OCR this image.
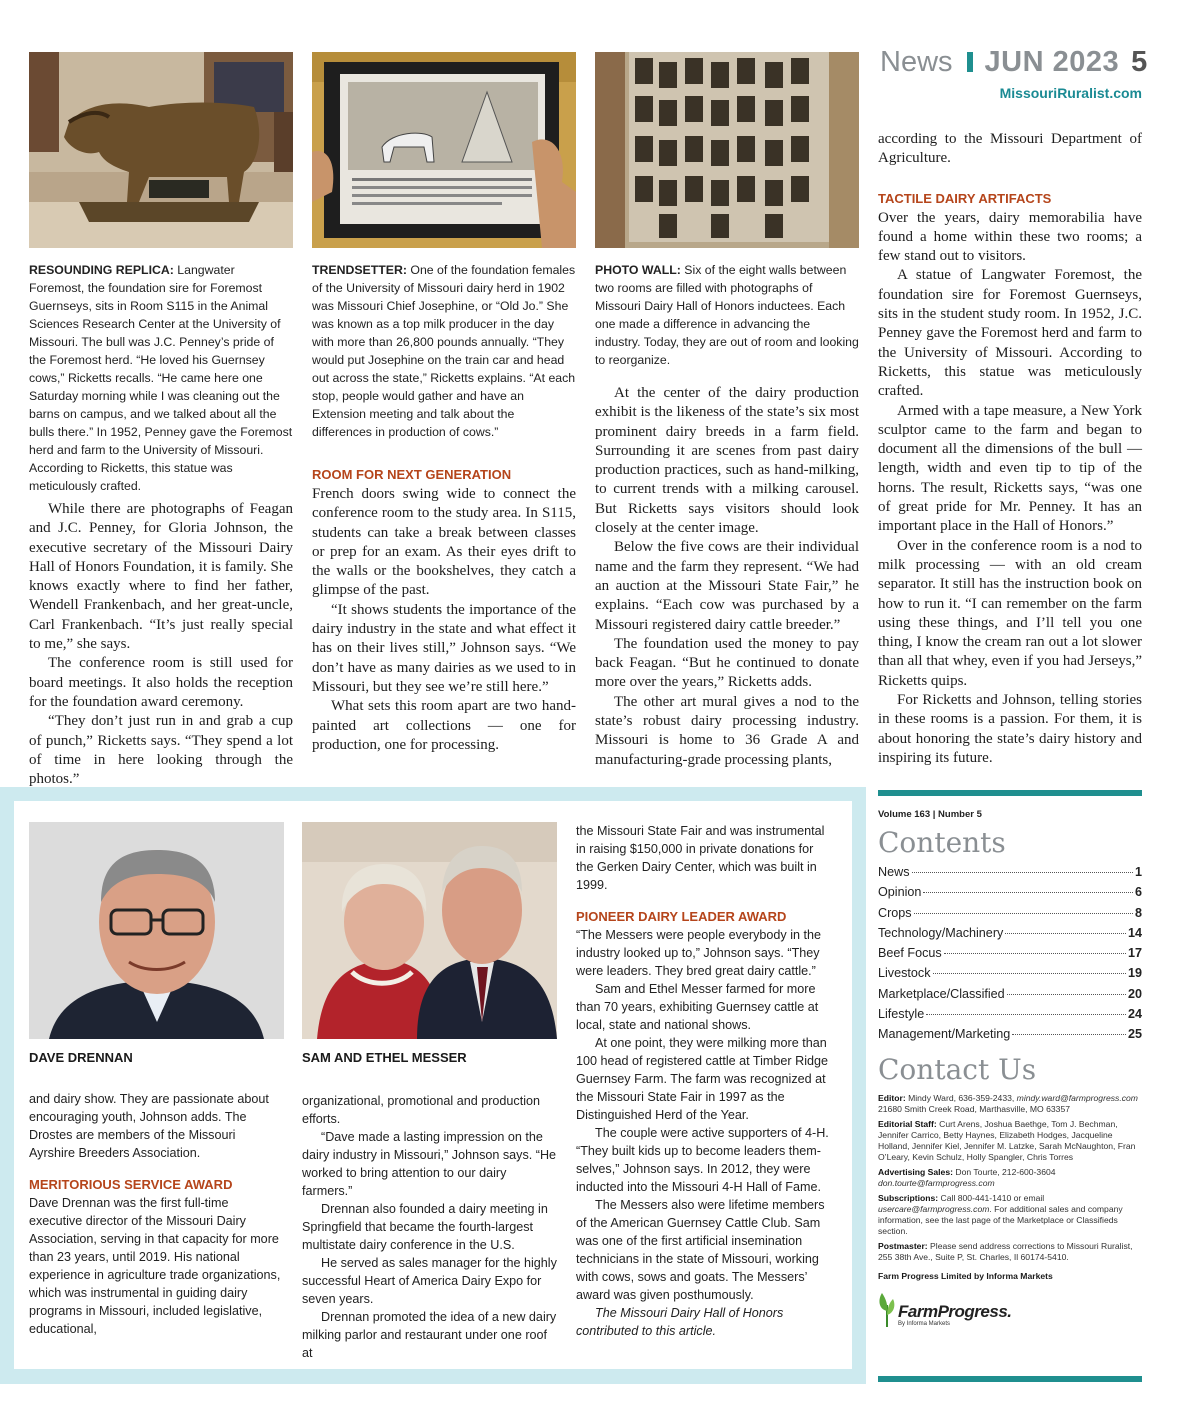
News JUN 2023 5
MissouriRuralist.com
RESOUNDING REPLICA: Langwater Foremost, the foundation sire for Foremost Guernseys, sits in Room S115 in the Animal Sciences Research Center at the University of Missouri. The bull was J.C. Penney’s pride of the Foremost herd. “He loved his Guernsey cows,” Ricketts recalls. “He came here one Saturday morning while I was cleaning out the barns on campus, and we talked about all the bulls there.” In 1952, Penney gave the Foremost herd and farm to the University of Missouri. According to Ricketts, this statue was meticulously crafted.
TRENDSETTER: One of the foundation females of the University of Missouri dairy herd in 1902 was Missouri Chief Josephine, or “Old Jo.” She was known as a top milk producer in the day with more than 26,800 pounds annually. “They would put Josephine on the train car and head out across the state,” Ricketts explains. “At each stop, people would gather and have an Extension meeting and talk about the differences in production of cows.”
PHOTO WALL: Six of the eight walls between two rooms are filled with photographs of Missouri Dairy Hall of Honors inductees. Each one made a difference in advancing the industry. Today, they are out of room and looking to reorganize.

While there are photographs of Feagan and J.C. Penney, for Gloria Johnson, the executive secretary of the Missouri Dairy Hall of Honors Foundation, it is family. She knows exactly where to find her father, Wendell Frankenbach, and her great-uncle, Carl Frankenbach. “It’s just really special to me,” she says.

The conference room is still used for board meetings. It also holds the reception for the foundation award ceremony.

“They don’t just run in and grab a cup of punch,” Ricketts says. “They spend a lot of time in here looking through the photos.”

ROOM FOR NEXT GENERATION

French doors swing wide to connect the conference room to the study area. In S115, students can take a break between classes or prep for an exam. As their eyes drift to the walls or the bookshelves, they catch a glimpse of the past.

“It shows students the importance of the dairy industry in the state and what effect it has on their lives still,” Johnson says. “We don’t have as many dairies as we used to in Missouri, but they see we’re still here.”

What sets this room apart are two hand-painted art collections — one for production, one for processing.

At the center of the dairy production exhibit is the likeness of the state’s six most prominent dairy breeds in a farm field. Surrounding it are scenes from past dairy production practices, such as hand-milking, to current trends with a milking carousel. But Ricketts says visitors should look closely at the center image.

Below the five cows are their individual name and the farm they represent. “We had an auction at the Missouri State Fair,” he explains. “Each cow was purchased by a Missouri registered dairy cattle breeder.”

The foundation used the money to pay back Feagan. “But he continued to donate more over the years,” Ricketts adds.

The other art mural gives a nod to the state’s robust dairy processing industry. Missouri is home to 36 Grade A and manufacturing-grade processing plants,

according to the Missouri Department of Agriculture.

TACTILE DAIRY ARTIFACTS

Over the years, dairy memorabilia have found a home within these two rooms; a few stand out to visitors.

A statue of Langwater Foremost, the foundation sire for Foremost Guernseys, sits in the student study room. In 1952, J.C. Penney gave the Foremost herd and farm to the University of Missouri. According to Ricketts, this statue was meticulously crafted.

Armed with a tape measure, a New York sculptor came to the farm and began to document all the dimensions of the bull — length, width and even tip to tip of the horns. The result, Ricketts says, “was one of great pride for Mr. Penney. It has an important place in the Hall of Honors.”

Over in the conference room is a nod to milk processing — with an old cream separator. It still has the instruction book on how to run it. “I can remember on the farm using these things, and I’ll tell you one thing, I know the cream ran out a lot slower than all that whey, even if you had Jerseys,” Ricketts quips.

For Ricketts and Johnson, telling stories in these rooms is a passion. For them, it is about honoring the state’s dairy history and inspiring its future.

DAVE DRENNAN	SAM AND ETHEL MESSER

and dairy show. They are passionate about encouraging youth, Johnson adds. The Drostes are members of the Missouri Ayrshire Breeders Association.

MERITORIOUS SERVICE AWARD

Dave Drennan was the first full-time executive director of the Missouri Dairy Association, serving in that capacity for more than 23 years, until 2019. His national experience in agriculture trade organizations, which was instrumental in guiding dairy programs in Missouri, included legislative, educational,

organizational, promotional and production efforts.

“Dave made a lasting impression on the dairy industry in Missouri,” Johnson says. “He worked to bring attention to our dairy farmers.”

Drennan also founded a dairy meeting in Springfield that became the fourth-largest multistate dairy conference in the U.S.

He served as sales manager for the highly successful Heart of America Dairy Expo for seven years.

Drennan promoted the idea of a new dairy milking parlor and restaurant under one roof at

the Missouri State Fair and was instrumental in raising $150,000 in private donations for the Gerken Dairy Center, which was built in 1999.

PIONEER DAIRY LEADER AWARD

“The Messers were people everybody in the industry looked up to,” Johnson says. “They were leaders. They bred great dairy cattle.”

Sam and Ethel Messer farmed for more than 70 years, exhibiting Guernsey cattle at local, state and national shows.

At one point, they were milking more than 100 head of registered cattle at Timber Ridge Guernsey Farm. The farm was recognized at the Missouri State Fair in 1997 as the Distinguished Herd of the Year.

The couple were active supporters of 4-H. “They built kids up to become leaders them-selves,” Johnson says. In 2012, they were inducted into the Missouri 4-H Hall of Fame.

The Messers also were lifetime members of the American Guernsey Cattle Club. Sam was one of the first artificial insemination technicians in the state of Missouri, working with cows, sows and goats. The Messers’ award was given posthumously.

The Missouri Dairy Hall of Honors contributed to this article.

Volume 163 | Number 5
Contents
News	1
Opinion	6
Crops	8
Technology/Machinery	14
Beef Focus	17
Livestock	19
Marketplace/Classified	20
Lifestyle	24
Management/Marketing	25
Contact Us
Editor: Mindy Ward, 636-359-2433, mindy.ward@farmprogress.com
21680 Smith Creek Road, Marthasville, MO 63357
Editorial Staff: Curt Arens, Joshua Baethge, Tom J. Bechman, Jennifer Carrico, Betty Haynes, Elizabeth Hodges, Jacqueline Holland, Jennifer Kiel, Jennifer M. Latzke, Sarah McNaughton, Fran O’Leary, Kevin Schulz, Holly Spangler, Chris Torres
Advertising Sales: Don Tourte, 212-600-3604
don.tourte@farmprogress.com
Subscriptions: Call 800-441-1410 or email usercare@farmprogress.com. For additional sales and company information, see the last page of the Marketplace or Classifieds section.
Postmaster: Please send address corrections to Missouri Ruralist, 255 38th Ave., Suite P, St. Charles, Il 60174-5410.
Farm Progress Limited by Informa Markets
FarmProgress.
By Informa Markets
